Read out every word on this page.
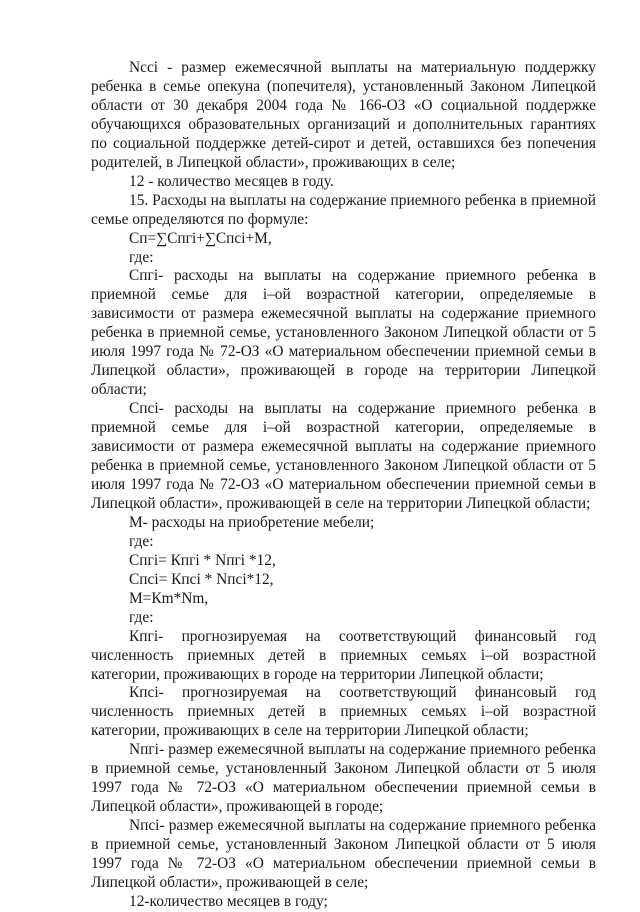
Nссi - размер ежемесячной выплаты на материальную поддержку ребенка в семье опекуна (попечителя), установленный Законом Липецкой области от 30 декабря 2004 года № 166-ОЗ «О социальной поддержке обучающихся образовательных организаций и дополнительных гарантиях по социальной поддержке детей-сирот и детей, оставшихся без попечения родителей, в Липецкой области», проживающих в селе;

12 - количество месяцев в году.

15. Расходы на выплаты на содержание приемного ребенка в приемной семье определяются по формуле:

Сп=∑Спгi+∑Cпсi+М,

где:

Спгi- расходы на выплаты на содержание приемного ребенка в приемной семье для i–ой возрастной категории, определяемые в зависимости от размера ежемесячной выплаты на содержание приемного ребенка в приемной семье, установленного Законом Липецкой области от 5 июля 1997 года № 72-ОЗ «О материальном обеспечении приемной семьи в Липецкой области», проживающей в городе на территории Липецкой области;

Спсi- расходы на выплаты на содержание приемного ребенка в приемной семье для i–ой возрастной категории, определяемые в зависимости от размера ежемесячной выплаты на содержание приемного ребенка в приемной семье, установленного Законом Липецкой области от 5 июля 1997 года № 72-ОЗ «О материальном обеспечении приемной семьи в Липецкой области», проживающей в селе на территории Липецкой области;

М- расходы на приобретение мебели;

где:

Спгi= Кпгi * Nпгi *12,

Спсi= Кпсi * Nпсi*12,

М=Кm*Nm,

где:

Кпгi- прогнозируемая на соответствующий финансовый год численность приемных детей в приемных семьях i–ой возрастной категории, проживающих в городе на территории Липецкой области;

Кпсi- прогнозируемая на соответствующий финансовый год численность приемных детей в приемных семьях i–ой возрастной категории, проживающих в селе на территории Липецкой области;

Nпгi- размер ежемесячной выплаты на содержание приемного ребенка в приемной семье, установленный Законом Липецкой области от 5 июля 1997 года № 72-ОЗ «О материальном обеспечении приемной семьи в Липецкой области», проживающей в городе;

Nпсi- размер ежемесячной выплаты на содержание приемного ребенка в приемной семье, установленный Законом Липецкой области от 5 июля 1997 года № 72-ОЗ «О материальном обеспечении приемной семьи в Липецкой области», проживающей в селе;

12-количество месяцев в году;
